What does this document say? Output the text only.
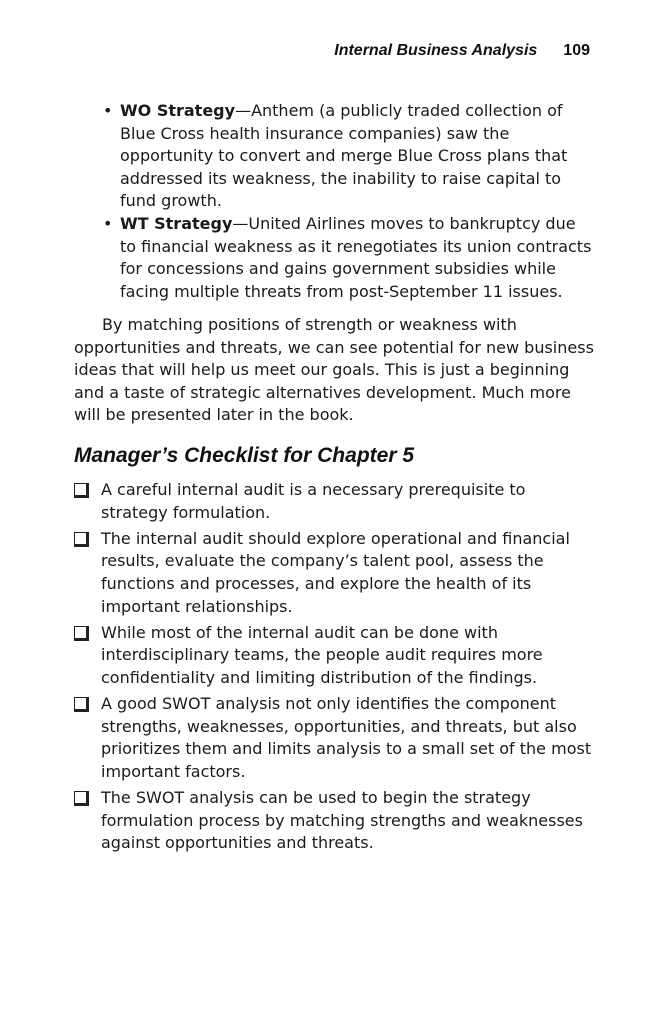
Internal Business Analysis 109
• WO Strategy—Anthem (a publicly traded collection of Blue Cross health insurance companies) saw the opportunity to convert and merge Blue Cross plans that addressed its weakness, the inability to raise capital to fund growth.
• WT Strategy—United Airlines moves to bankruptcy due to financial weakness as it renegotiates its union contracts for concessions and gains government subsidies while facing multiple threats from post-September 11 issues.

By matching positions of strength or weakness with opportunities and threats, we can see potential for new business ideas that will help us meet our goals. This is just a beginning and a taste of strategic alternatives development. Much more will be presented later in the book.

Manager’s Checklist for Chapter 5
A careful internal audit is a necessary prerequisite to strategy formulation.
The internal audit should explore operational and financial results, evaluate the company’s talent pool, assess the functions and processes, and explore the health of its important relationships.
While most of the internal audit can be done with interdisciplinary teams, the people audit requires more confidentiality and limiting distribution of the findings.
A good SWOT analysis not only identifies the component strengths, weaknesses, opportunities, and threats, but also prioritizes them and limits analysis to a small set of the most important factors.
The SWOT analysis can be used to begin the strategy formulation process by matching strengths and weaknesses against opportunities and threats.
